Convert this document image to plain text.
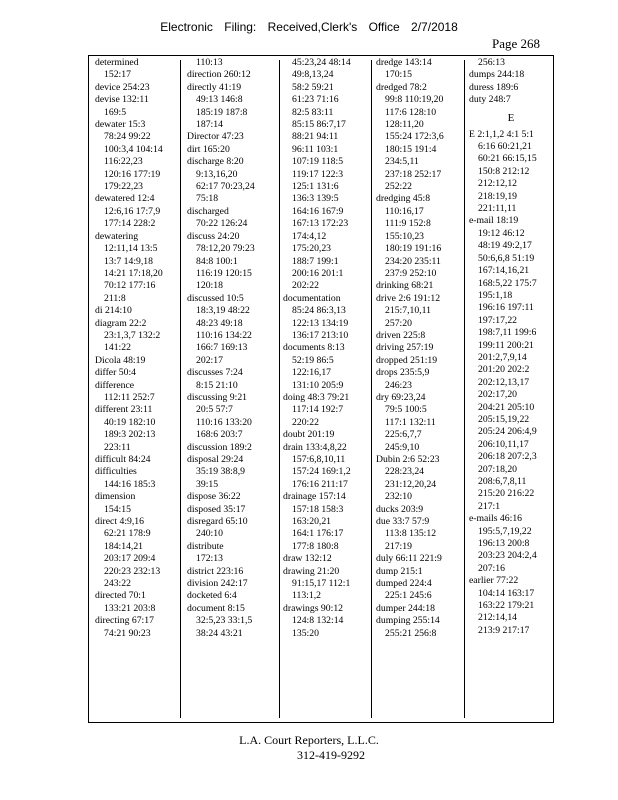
Electronic Filing: Received,Clerk's Office 2/7/2018
Page 268
determined
152:17
device 254:23
devise 132:11
169:5
dewater 15:3
78:24 99:22
100:3,4 104:14
116:22,23
120:16 177:19
179:22,23
dewatered 12:4
12:6,16 17:7,9
177:14 228:2
dewatering
12:11,14 13:5
13:7 14:9,18
14:21 17:18,20
70:12 177:16
211:8
di 214:10
diagram 22:2
23:1,3,7 132:2
141:22
Dicola 48:19
differ 50:4
difference
112:11 252:7
different 23:11
40:19 182:10
189:3 202:13
223:11
difficult 84:24
difficulties
144:16 185:3
dimension
154:15
direct 4:9,16
62:21 178:9
184:14,21
203:17 209:4
220:23 232:13
243:22
directed 70:1
133:21 203:8
directing 67:17
74:21 90:23
110:13
direction 260:12
directly 41:19
49:13 146:8
185:19 187:8
187:14
Director 47:23
dirt 165:20
discharge 8:20
9:13,16,20
62:17 70:23,24
75:18
discharged
70:22 126:24
discuss 24:20
78:12,20 79:23
84:8 100:1
116:19 120:15
120:18
discussed 10:5
18:3,19 48:22
48:23 49:18
110:16 134:22
166:7 169:13
202:17
discusses 7:24
8:15 21:10
discussing 9:21
20:5 57:7
110:16 133:20
168:6 203:7
discussion 189:2
disposal 29:24
35:19 38:8,9
39:15
dispose 36:22
disposed 35:17
disregard 65:10
240:10
distribute
172:13
district 223:16
division 242:17
docketed 6:4
document 8:15
32:5,23 33:1,5
38:24 43:21
45:23,24 48:14
49:8,13,24
58:2 59:21
61:23 71:16
82:5 83:11
85:15 86:7,17
88:21 94:11
96:11 103:1
107:19 118:5
119:17 122:3
125:1 131:6
136:3 139:5
164:16 167:9
167:13 172:23
174:4,12
175:20,23
188:7 199:1
200:16 201:1
202:22
documentation
85:24 86:3,13
122:13 134:19
136:17 213:10
documents 8:13
52:19 86:5
122:16,17
131:10 205:9
doing 48:3 79:21
117:14 192:7
220:22
doubt 201:19
drain 133:4,8,22
157:6,8,10,11
157:24 169:1,2
176:16 211:17
drainage 157:14
157:18 158:3
163:20,21
164:1 176:17
177:8 180:8
draw 132:12
drawing 21:20
91:15,17 112:1
113:1,2
drawings 90:12
124:8 132:14
135:20
dredge 143:14
170:15
dredged 78:2
99:8 110:19,20
117:6 128:10
128:11,20
155:24 172:3,6
180:15 191:4
234:5,11
237:18 252:17
252:22
dredging 45:8
110:16,17
111:9 152:8
155:10,23
180:19 191:16
234:20 235:11
237:9 252:10
drinking 68:21
drive 2:6 191:12
215:7,10,11
257:20
driven 225:8
driving 257:19
dropped 251:19
drops 235:5,9
246:23
dry 69:23,24
79:5 100:5
117:1 132:11
225:6,7,7
245:9,10
Dubin 2:6 52:23
228:23,24
231:12,20,24
232:10
ducks 203:9
due 33:7 57:9
113:8 135:12
217:19
duly 66:11 221:9
dump 215:1
dumped 224:4
225:1 245:6
dumper 244:18
dumping 255:14
255:21 256:8
256:13
dumps 244:18
duress 189:6
duty 248:7
E
E 2:1,1,2 4:1 5:1
6:16 60:21,21
60:21 66:15,15
150:8 212:12
212:12,12
218:19,19
221:11,11
e-mail 18:19
19:12 46:12
48:19 49:2,17
50:6,6,8 51:19
167:14,16,21
168:5,22 175:7
195:1,18
196:16 197:11
197:17,22
198:7,11 199:6
199:11 200:21
201:2,7,9,14
201:20 202:2
202:12,13,17
202:17,20
204:21 205:10
205:15,19,22
205:24 206:4,9
206:10,11,17
206:18 207:2,3
207:18,20
208:6,7,8,11
215:20 216:22
217:1
e-mails 46:16
195:5,7,19,22
196:13 200:8
203:23 204:2,4
207:16
earlier 77:22
104:14 163:17
163:22 179:21
212:14,14
213:9 217:17
L.A. Court Reporters, L.L.C.
312-419-9292
